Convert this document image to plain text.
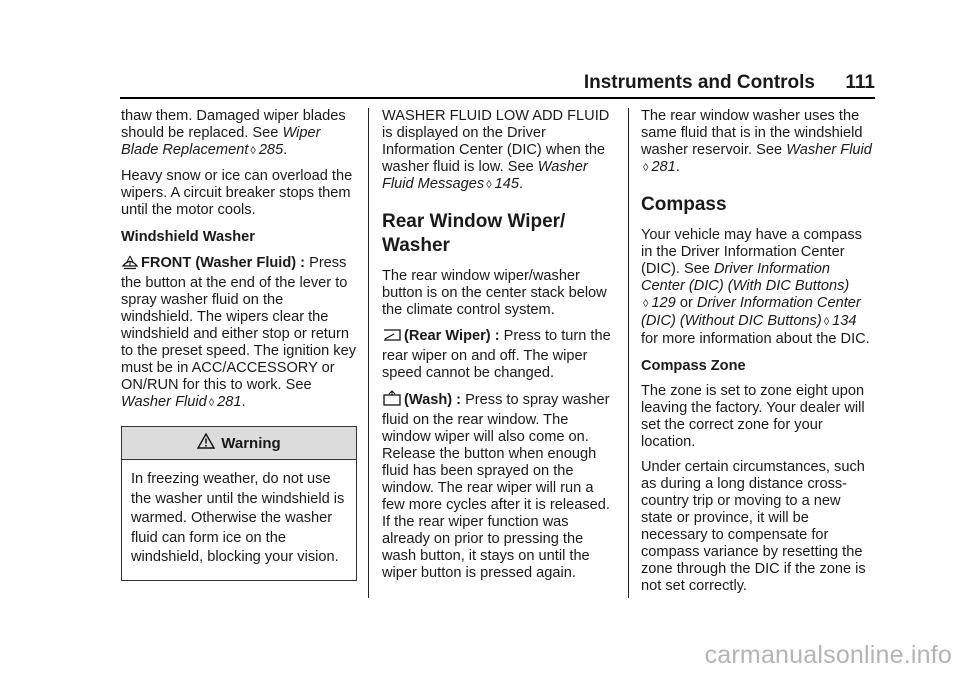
Instruments and Controls 111

thaw them. Damaged wiper blades should be replaced. See Wiper Blade Replacement ◊ 285.

Heavy snow or ice can overload the wipers. A circuit breaker stops them until the motor cools.

Windshield Washer

FRONT (Washer Fluid) : Press the button at the end of the lever to spray washer fluid on the windshield. The wipers clear the windshield and either stop or return to the preset speed. The ignition key must be in ACC/ACCESSORY or ON/RUN for this to work. See Washer Fluid ◊ 281.

Warning
In freezing weather, do not use the washer until the windshield is warmed. Otherwise the washer fluid can form ice on the windshield, blocking your vision.

WASHER FLUID LOW ADD FLUID is displayed on the Driver Information Center (DIC) when the washer fluid is low. See Washer Fluid Messages ◊ 145.

Rear Window Wiper/ Washer

The rear window wiper/washer button is on the center stack below the climate control system.

(Rear Wiper) : Press to turn the rear wiper on and off. The wiper speed cannot be changed.

(Wash) : Press to spray washer fluid on the rear window. The window wiper will also come on. Release the button when enough fluid has been sprayed on the window. The rear wiper will run a few more cycles after it is released. If the rear wiper function was already on prior to pressing the wash button, it stays on until the wiper button is pressed again.

The rear window washer uses the same fluid that is in the windshield washer reservoir. See Washer Fluid ◊ 281.

Compass

Your vehicle may have a compass in the Driver Information Center (DIC). See Driver Information Center (DIC) (With DIC Buttons) ◊ 129 or Driver Information Center (DIC) (Without DIC Buttons) ◊ 134 for more information about the DIC.

Compass Zone

The zone is set to zone eight upon leaving the factory. Your dealer will set the correct zone for your location.

Under certain circumstances, such as during a long distance cross-country trip or moving to a new state or province, it will be necessary to compensate for compass variance by resetting the zone through the DIC if the zone is not set correctly.

carmanualsonline.info
